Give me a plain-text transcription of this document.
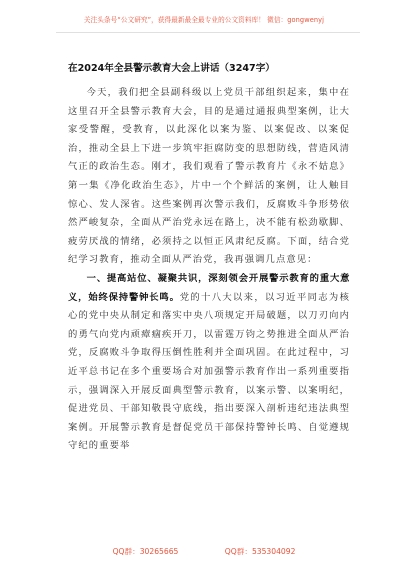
关注头条号“公文研究”，获得最新最全最专业的公文资料库！ 微信：gongwenyj
在2024年全县警示教育大会上讲话（3247字）

今天，我们把全县副科级以上党员干部组织起来，集中在这里召开全县警示教育大会，目的是通过通报典型案例，让大家受警醒，受教育，以此深化以案为鉴、以案促改、以案促治，推动全县上下进一步筑牢拒腐防变的思想防线，营造风清气正的政治生态。刚才，我们观看了警示教育片《永不姑息》第一集《净化政治生态》，片中一个个鲜活的案例，让人触目惊心、发人深省。这些案例再次警示我们，反腐败斗争形势依然严峻复杂，全面从严治党永远在路上，决不能有松劲歇脚、疲劳厌战的情绪，必须持之以恒正风肃纪反腐。下面，结合党纪学习教育，推动全面从严治党，我再强调几点意见：

一、提高站位、凝聚共识，深刻领会开展警示教育的重大意义，始终保持警钟长鸣。党的十八大以来，以习近平同志为核心的党中央从制定和落实中央八项规定开局破题，以刀刃向内的勇气向党内顽瘴痼疾开刀，以雷霆万钧之势推进全面从严治党，反腐败斗争取得压倒性胜利并全面巩固。在此过程中，习近平总书记在多个重要场合对加强警示教育作出一系列重要指示，强调深入开展反面典型警示教育，以案示警、以案明纪，促进党员、干部知敬畏守底线，指出要深入剖析违纪违法典型案例。开展警示教育是督促党员干部保持警钟长鸣、自觉遵规守纪的重要举

QQ群：30265665	QQ群：535304092
